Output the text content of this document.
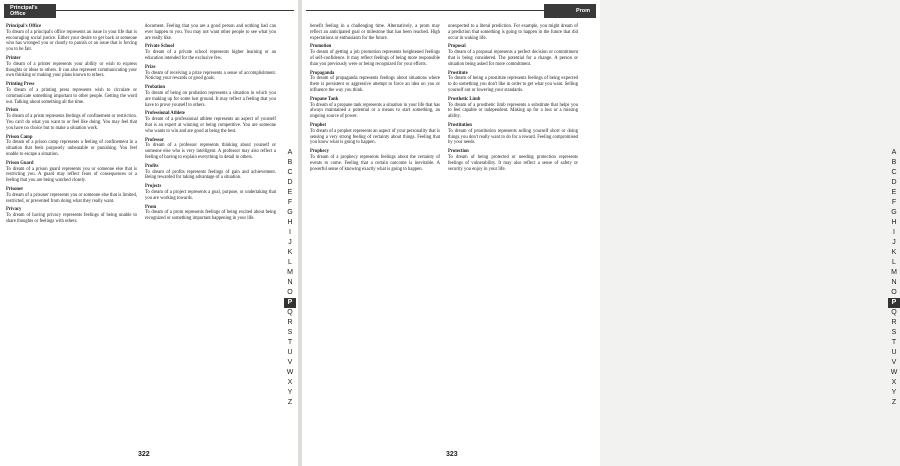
Principal's Office
Principal's Office

To dream of a principal's office represents an issue in your life that is encouraging social justice. Either your desire to get back at someone who has wronged you or clearly to punish or an issue that is forcing you to be fair.

Printer

To dream of a printer represents your ability or wish to express thoughts or ideas to others. It can also represent communicating your own thinking or making your plans known to others.

Printing Press

To dream of a printing press represents wish to circulate or communicate something important to other people. Getting the word out. Talking about something all the time.

Prism

To dream of a prism represents feelings of confinement or restriction. You can't do what you want to or feel like doing. You may feel that you have no choice but to make a situation work.

Prison Camp

To dream of a prison camp represents a feeling of confinement in a situation that feels purposely unbearable or punishing. You feel unable to escape a situation.

Prison Guard

To dream of a prison guard represents you or someone else that is restricting you. A guard may reflect fears of consequences or a feeling that you are being watched closely.

Prisoner

To dream of a prisoner represents you or someone else that is limited, restricted, or prevented from doing what they really want.

Privacy

To dream of having privacy represents feelings of being unable to share thoughts or feelings with others.

document. Feeling that you are a good person and nothing bad can ever happen to you. You may not want other people to see what you are really like.

Private School

To dream of a private school represents higher learning or an education intended for the exclusive few.

Prize

To dream of receiving a prize represents a sense of accomplishment. Noticing your rewards or good goals.

Probation

To dream of being on probation represents a situation in which you are making up for some lost ground. It may reflect a feeling that you have to prove yourself to others.

Professional Athlete

To dream of a professional athlete represents an aspect of yourself that is an expert at winning or being competitive. You are someone who wants to win and are good at being the best.

Professor

To dream of a professor represents thinking about yourself or someone else who is very intelligent. A professor may also reflect a feeling of having to explain everything in detail to others.

Profits

To dream of profits represents feelings of gain and achievement. Being rewarded for taking advantage of a situation.

Projects

To dream of a project represents a goal, purpose, or undertaking that you are working towards.

Prom

To dream of a prom represents feelings of being excited about being recognized or something important happening in your life.

A
B
C
D
E
F
G
H
I
J
K
L
M
N
O
P
Q
R
S
T
U
V
W
X
Y
Z
322
Prom

benefit feeling in a challenging time. Alternatively, a prom may reflect an anticipated goal or milestone that has been reached. High expectations or enthusiasm for the future.

Promotion

To dream of getting a job promotion represents heightened feelings of self-confidence. It may reflect feelings of being more responsible than you previously were or being recognized for your efforts.

Propaganda

To dream of propaganda represents feelings about situations where there is persistent or aggressive attempt to force an idea on you or influence the way you think.

Propane Tank

To dream of a propane tank represents a situation in your life that has always maintained a potential or a means to start something, an ongoing source of power.

Prophet

To dream of a prophet represents an aspect of your personality that is sensing a very strong feeling of certainty about things. Feeling that you know what is going to happen.

Prophecy

To dream of a prophecy represents feelings about the certainty of events to come. Feeling that a certain outcome is inevitable. A powerful sense of knowing exactly what is going to happen.

unexpected to a literal prediction. For example, you might dream of a prediction that something is going to happen in the future that did occur in waking life.

Proposal

To dream of a proposal represents a perfect decision or commitment that is being considered. The potential for a change. A person or situation being asked for more commitment.

Prostitute

To dream of being a prostitute represents feelings of being expected to do something you don't like in order to get what you want. Selling yourself out or lowering your standards.

Prosthetic Limb

To dream of a prosthetic limb represents a substitute that helps you to feel capable or independent. Making up for a loss or a missing ability.

Prostitution

To dream of prostitution represents selling yourself short or doing things you don't really want to do for a reward. Feeling compromised by your needs.

Protection

To dream of being protected or needing protection represents feelings of vulnerability. It may also reflect a sense of safety or security you enjoy in your life.

A
B
C
D
E
F
G
H
I
J
K
L
M
N
O
P
Q
R
S
T
U
V
W
X
Y
Z
323
